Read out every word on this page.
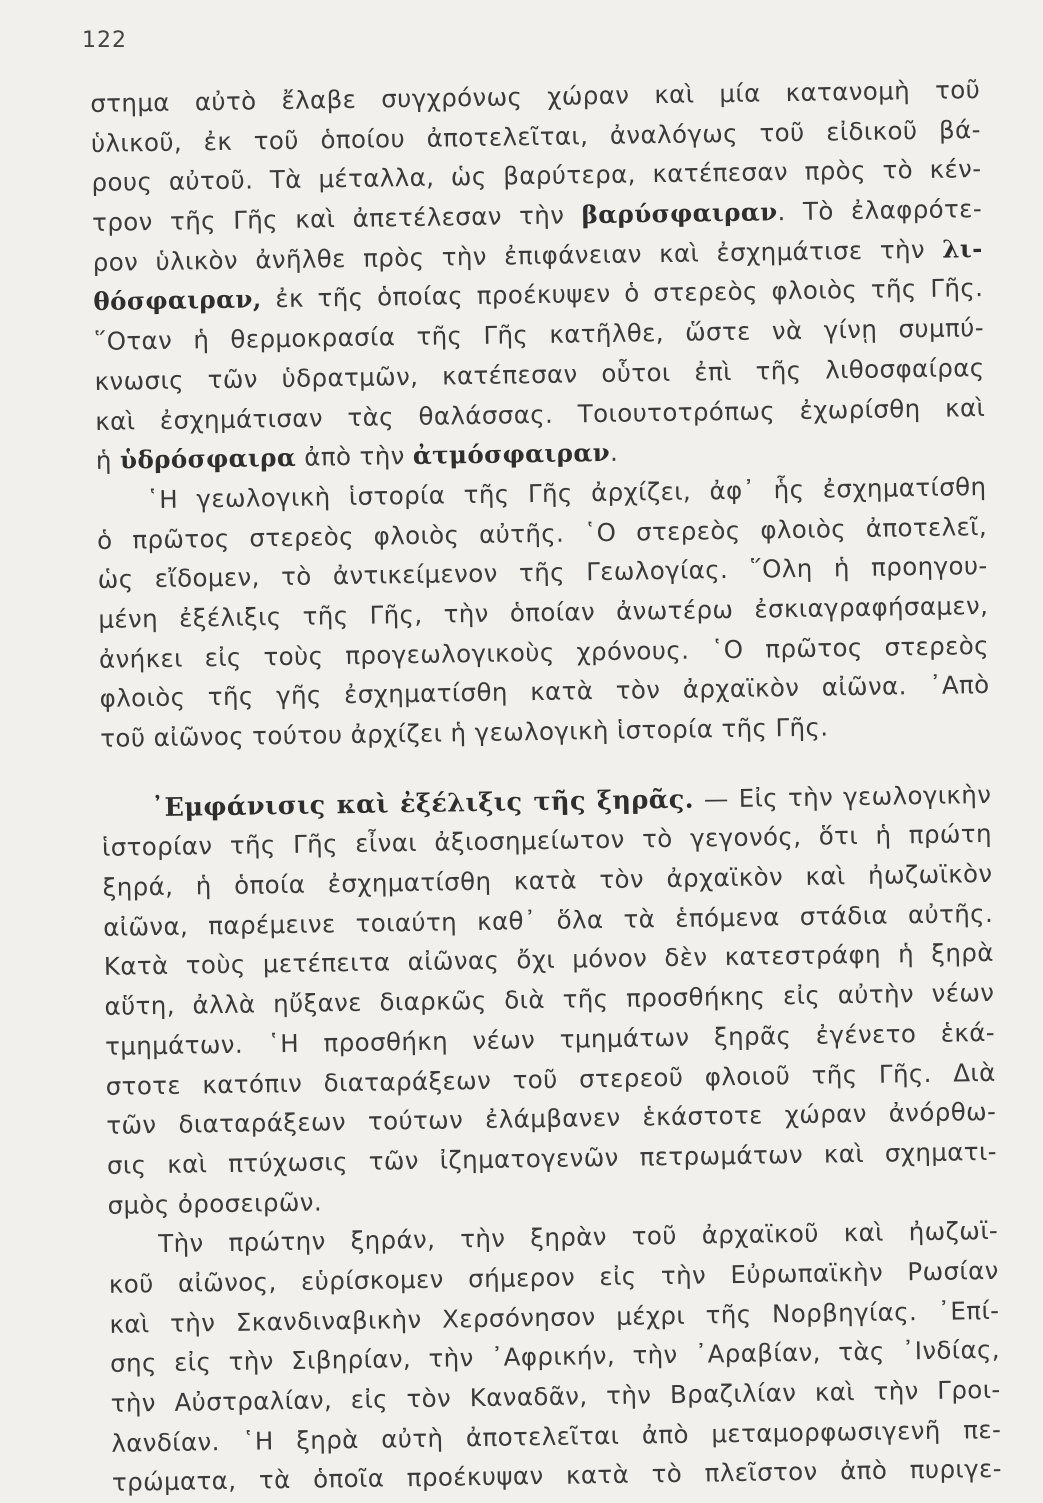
122
στημα αὐτὸ ἔλαβε συγχρόνως χώραν καὶ μία κατανομὴ τοῦ
ὑλικοῦ, ἐκ τοῦ ὁποίου ἀποτελεῖται, ἀναλόγως τοῦ εἰδικοῦ βά-
ρους αὐτοῦ. Τὰ μέταλλα, ὡς βαρύτερα, κατέπεσαν πρὸς τὸ κέν-
τρον τῆς Γῆς καὶ ἀπετέλεσαν τὴν βαρύσφαιραν. Τὸ ἐλαφρότε-
ρον ὑλικὸν ἀνῆλθε πρὸς τὴν ἐπιφάνειαν καὶ ἐσχημάτισε τὴν λι-
θόσφαιραν, ἐκ τῆς ὁποίας προέκυψεν ὁ στερεὸς φλοιὸς τῆς Γῆς.
῞Οταν ἡ θερμοκρασία τῆς Γῆς κατῆλθε, ὥστε νὰ γίνῃ συμπύ-
κνωσις τῶν ὑδρατμῶν, κατέπεσαν οὗτοι ἐπὶ τῆς λιθοσφαίρας
καὶ ἐσχημάτισαν τὰς θαλάσσας. Τοιουτοτρόπως ἐχωρίσθη καὶ
ἡ ὑδρόσφαιρα ἀπὸ τὴν ἀτμόσφαιραν.
῾Η γεωλογικὴ ἱστορία τῆς Γῆς ἀρχίζει, ἀφ᾽ ἧς ἐσχηματίσθη
ὁ πρῶτος στερεὸς φλοιὸς αὐτῆς. ῾Ο στερεὸς φλοιὸς ἀποτελεῖ,
ὡς εἴδομεν, τὸ ἀντικείμενον τῆς Γεωλογίας. ῞Ολη ἡ προηγου-
μένη ἐξέλιξις τῆς Γῆς, τὴν ὁποίαν ἀνωτέρω ἐσκιαγραφήσαμεν,
ἀνήκει εἰς τοὺς προγεωλογικοὺς χρόνους. ῾Ο πρῶτος στερεὸς
φλοιὸς τῆς γῆς ἐσχηματίσθη κατὰ τὸν ἀρχαϊκὸν αἰῶνα. ᾿Απὸ
τοῦ αἰῶνος τούτου ἀρχίζει ἡ γεωλογικὴ ἱστορία τῆς Γῆς.
᾿Εμφάνισις καὶ ἐξέλιξις τῆς ξηρᾶς. — Εἰς τὴν γεωλογικὴν
ἱστορίαν τῆς Γῆς εἶναι ἀξιοσημείωτον τὸ γεγονός, ὅτι ἡ πρώτη
ξηρά, ἡ ὁποία ἐσχηματίσθη κατὰ τὸν ἀρχαϊκὸν καὶ ἠωζωϊκὸν
αἰῶνα, παρέμεινε τοιαύτη καθ᾽ ὅλα τὰ ἑπόμενα στάδια αὐτῆς.
Κατὰ τοὺς μετέπειτα αἰῶνας ὄχι μόνον δὲν κατεστράφη ἡ ξηρὰ
αὕτη, ἀλλὰ ηὔξανε διαρκῶς διὰ τῆς προσθήκης εἰς αὐτὴν νέων
τμημάτων. ῾Η προσθήκη νέων τμημάτων ξηρᾶς ἐγένετο ἑκά-
στοτε κατόπιν διαταράξεων τοῦ στερεοῦ φλοιοῦ τῆς Γῆς. Διὰ
τῶν διαταράξεων τούτων ἐλάμβανεν ἑκάστοτε χώραν ἀνόρθω-
σις καὶ πτύχωσις τῶν ἰζηματογενῶν πετρωμάτων καὶ σχηματι-
σμὸς ὀροσειρῶν.
Τὴν πρώτην ξηράν, τὴν ξηρὰν τοῦ ἀρχαϊκοῦ καὶ ἠωζωϊ-
κοῦ αἰῶνος, εὑρίσκομεν σήμερον εἰς τὴν Εὐρωπαϊκὴν Ρωσίαν
καὶ τὴν Σκανδιναβικὴν Χερσόνησον μέχρι τῆς Νορβηγίας. ᾿Επί-
σης εἰς τὴν Σιβηρίαν, τὴν ᾿Αφρικήν, τὴν ᾿Αραβίαν, τὰς ᾿Ινδίας,
τὴν Αὐστραλίαν, εἰς τὸν Καναδᾶν, τὴν Βραζιλίαν καὶ τὴν Γροι-
λανδίαν. ῾Η ξηρὰ αὐτὴ ἀποτελεῖται ἀπὸ μεταμορφωσιγενῆ πε-
τρώματα, τὰ ὁποῖα προέκυψαν κατὰ τὸ πλεῖστον ἀπὸ πυριγε-
